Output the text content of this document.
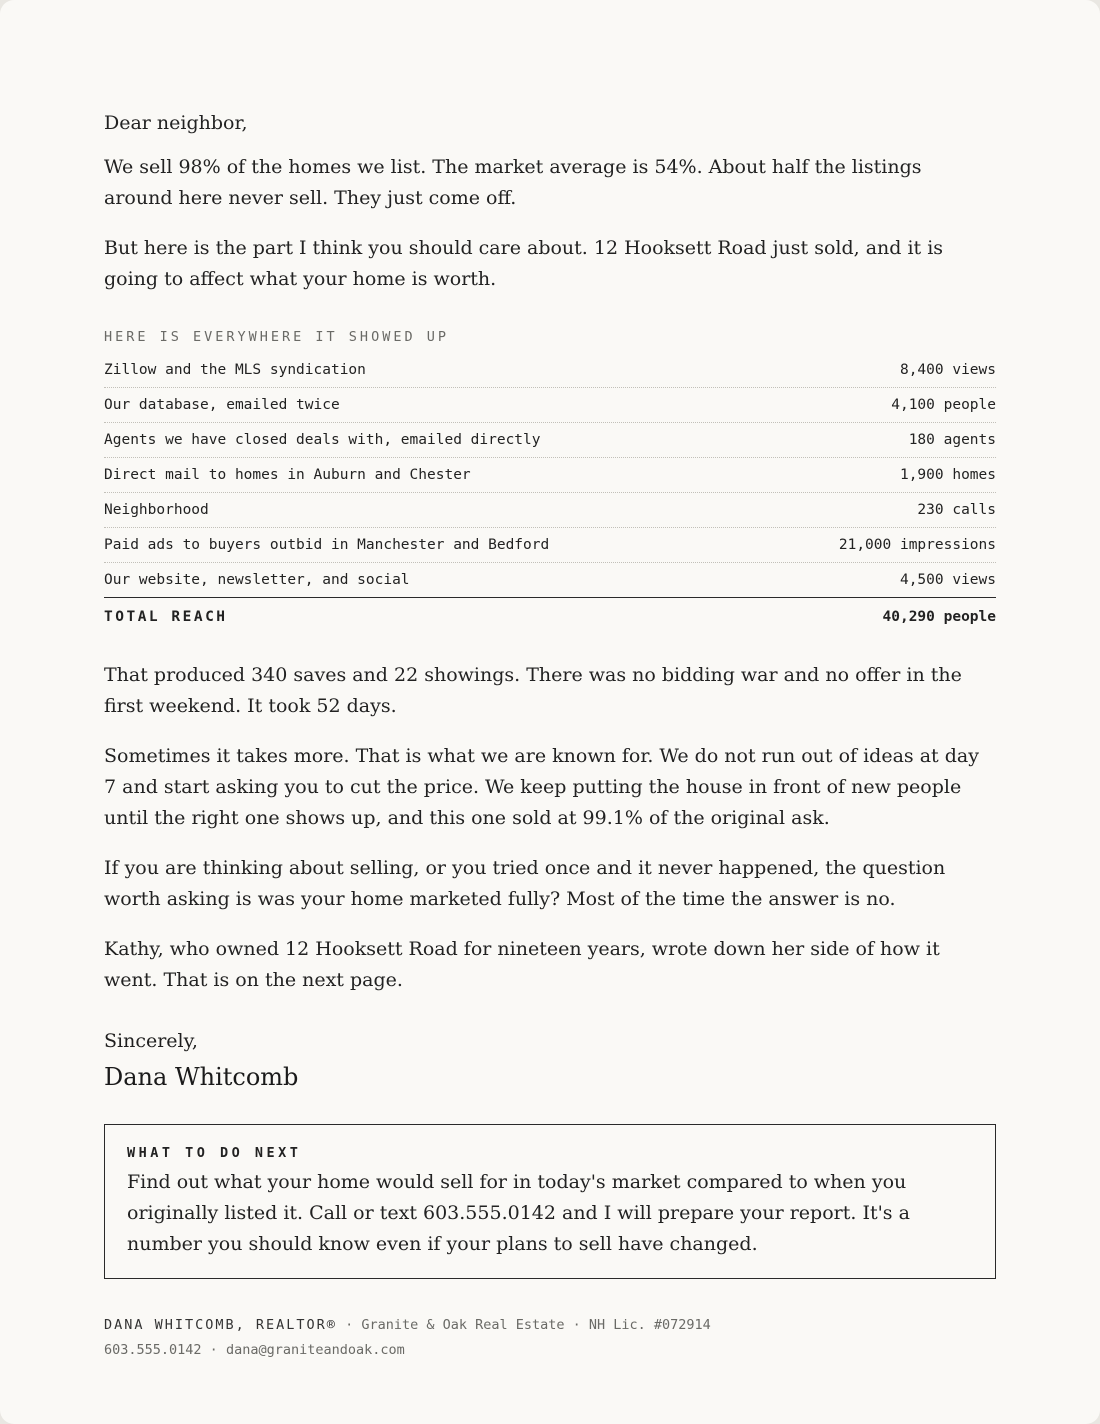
Dear neighbor,

We sell 98% of the homes we list. The market average is 54%. About half the listings around here never sell. They just come off.

But here is the part I think you should care about. 12 Hooksett Road just sold, and it is going to affect what your home is worth.

HERE IS EVERYWHERE IT SHOWED UP
Zillow and the MLS syndication	8,400 views
Our database, emailed twice	4,100 people
Agents we have closed deals with, emailed directly	180 agents
Direct mail to homes in Auburn and Chester	1,900 homes
Neighborhood	230 calls
Paid ads to buyers outbid in Manchester and Bedford	21,000 impressions
Our website, newsletter, and social	4,500 views
TOTAL REACH	40,290 people

That produced 340 saves and 22 showings. There was no bidding war and no offer in the first weekend. It took 52 days.

Sometimes it takes more. That is what we are known for. We do not run out of ideas at day 7 and start asking you to cut the price. We keep putting the house in front of new people until the right one shows up, and this one sold at 99.1% of the original ask.

If you are thinking about selling, or you tried once and it never happened, the question worth asking is was your home marketed fully? Most of the time the answer is no.

Kathy, who owned 12 Hooksett Road for nineteen years, wrote down her side of how it went. That is on the next page.

Sincerely,

Dana Whitcomb

WHAT TO DO NEXT
Find out what your home would sell for in today's market compared to when you originally listed it. Call or text 603.555.0142 and I will prepare your report. It's a number you should know even if your plans to sell have changed.
DANA WHITCOMB, REALTOR® · Granite & Oak Real Estate · NH Lic. #072914
603.555.0142 · dana@graniteandoak.com
